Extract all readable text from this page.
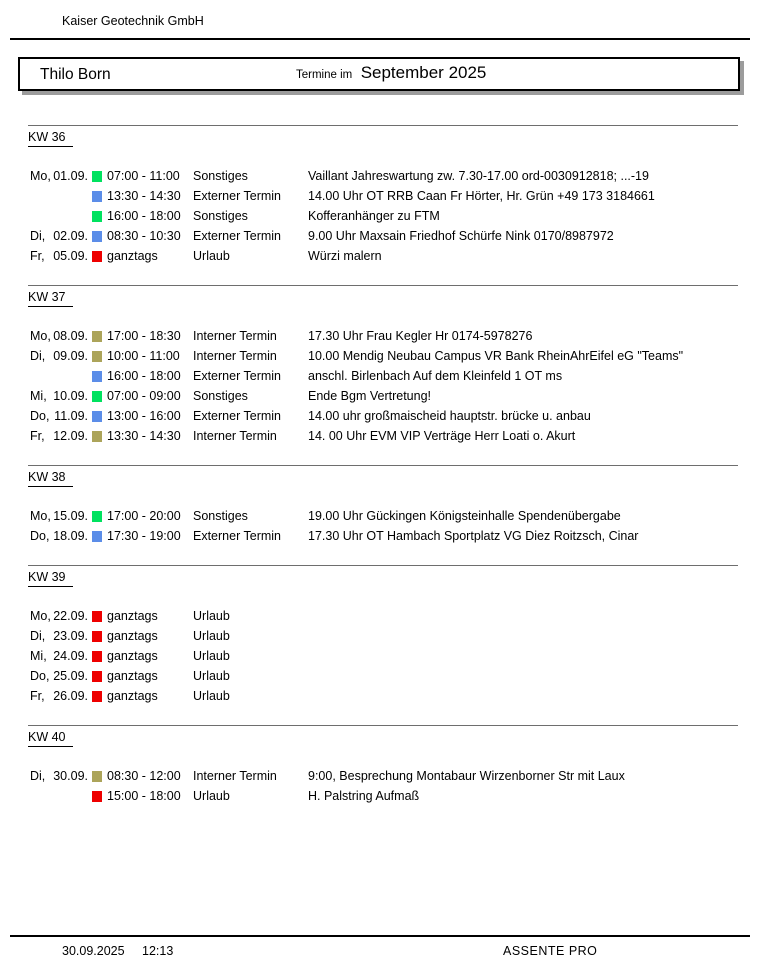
Kaiser Geotechnik GmbH
Thilo Born	Termine im September 2025
KW 36
Mo, 01.09. 07:00 - 11:00	Sonstiges	Vaillant Jahreswartung zw. 7.30-17.00 ord-0030912818; ...-19
13:30 - 14:30 Externer Termin	14.00 Uhr OT RRB Caan Fr Hörter, Hr. Grün +49 173 3184661
16:00 - 18:00 Sonstiges	Kofferanhänger zu FTM
Di, 02.09. 08:30 - 10:30 Externer Termin	9.00 Uhr Maxsain Friedhof Schürfe Nink 0170/8987972
Fr, 05.09. ganztags	Urlaub	Würzi malern
KW 37
Mo, 08.09. 17:00 - 18:30 Interner Termin	17.30 Uhr Frau Kegler Hr 0174-5978276
Di, 09.09. 10:00 - 11:00	Interner Termin	10.00 Mendig Neubau Campus VR Bank RheinAhrEifel eG "Teams"
16:00 - 18:00 Externer Termin	anschl. Birlenbach Auf dem Kleinfeld 1 OT ms
Mi, 10.09. 07:00 - 09:00 Sonstiges	Ende Bgm Vertretung!
Do, 11.09. 13:00 - 16:00 Externer Termin	14.00 uhr großmaischeid hauptstr. brücke u. anbau
Fr, 12.09. 13:30 - 14:30 Interner Termin	14. 00 Uhr EVM VIP Verträge Herr Loati o. Akurt
KW 38
Mo, 15.09. 17:00 - 20:00 Sonstiges	19.00 Uhr Gückingen Königsteinhalle Spendenübergabe
Do, 18.09. 17:30 - 19:00 Externer Termin	17.30 Uhr OT Hambach Sportplatz VG Diez Roitzsch, Cinar
KW 39
Mo, 22.09. ganztags	Urlaub
Di, 23.09. ganztags	Urlaub
Mi, 24.09. ganztags	Urlaub
Do, 25.09. ganztags	Urlaub
Fr, 26.09. ganztags	Urlaub
KW 40
Di, 30.09. 08:30 - 12:00 Interner Termin	9:00, Besprechung Montabaur Wirzenborner Str mit Laux
15:00 - 18:00 Urlaub	H. Palstring Aufmaß
30.09.2025 12:13	ASSENTE PRO
